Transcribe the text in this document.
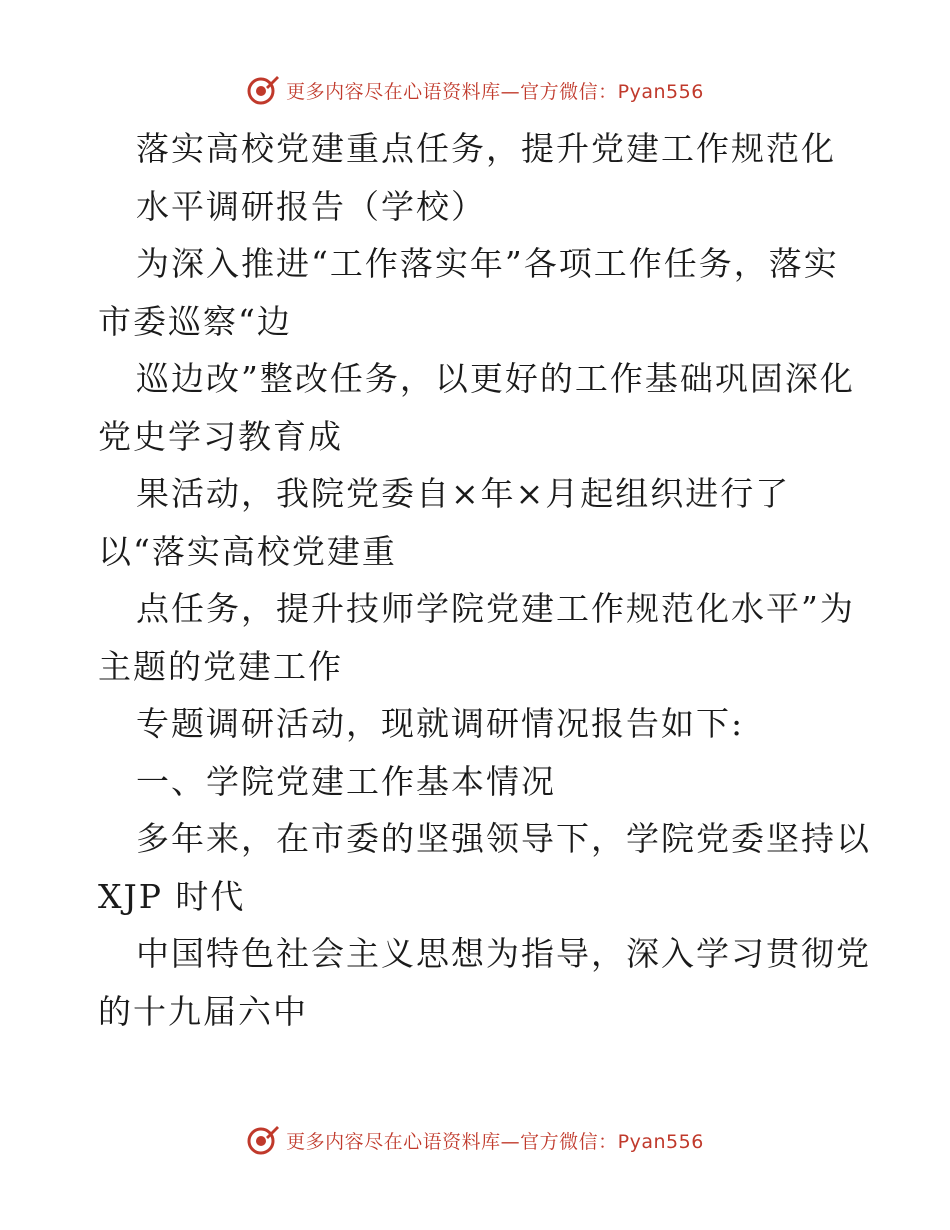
更多内容尽在心语资料库—官方微信：Pyan556
落实高校党建重点任务，提升党建工作规范化
水平调研报告（学校）
为深入推进“工作落实年”各项工作任务，落实
市委巡察“边
巡边改”整改任务，以更好的工作基础巩固深化
党史学习教育成
果活动，我院党委自×年×月起组织进行了
以“落实高校党建重
点任务，提升技师学院党建工作规范化水平”为
主题的党建工作
专题调研活动，现就调研情况报告如下:
一、学院党建工作基本情况
多年来，在市委的坚强领导下，学院党委坚持以
XJP 时代
中国特色社会主义思想为指导，深入学习贯彻党
的十九届六中
更多内容尽在心语资料库—官方微信：Pyan556
